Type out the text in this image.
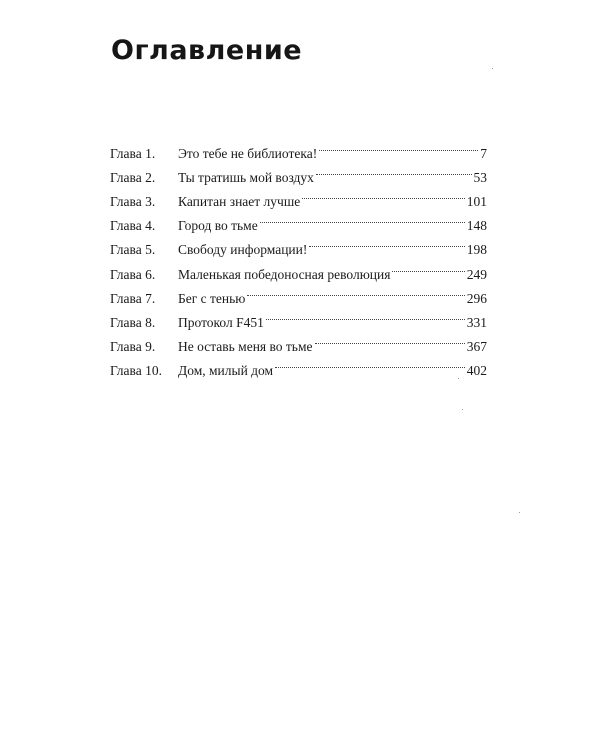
Оглавление
Глава 1.	Это тебе не библиотека!	7
Глава 2.	Ты тратишь мой воздух	53
Глава 3.	Капитан знает лучше	101
Глава 4.	Город во тьме	148
Глава 5.	Свободу информации!	198
Глава 6.	Маленькая победоносная революция	249
Глава 7.	Бег с тенью	296
Глава 8.	Протокол F451	331
Глава 9.	Не оставь меня во тьме	367
Глава 10.	Дом, милый дом	402
